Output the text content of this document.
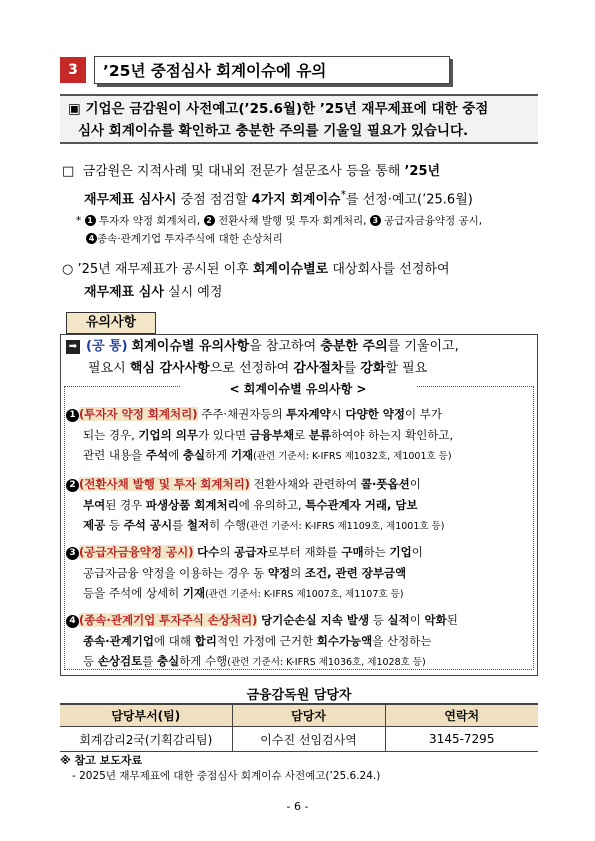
3	’25년 중점심사 회계이슈에 유의
▣ 기업은 금감원이 사전예고(’25.6월)한 ’25년 재무제표에 대한 중점
심사 회계이슈를 확인하고 충분한 주의를 기울일 필요가 있습니다.
□ 금감원은 지적사례 및 대내외 전문가 설문조사 등을 통해 ’25년
재무제표 심사시 중점 점검할 4가지 회계이슈*를 선정·예고(’25.6월)
* 1 투자자 약정 회계처리, 2 전환사채 발행 및 투자 회계처리, 3 공급자금융약정 공시,
4 종속·관계기업 투자주식에 대한 손상처리
○ ’25년 재무제표가 공시된 이후 회계이슈별로 대상회사를 선정하여
재무제표 심사 실시 예정
유의사항
➡ (공 통) 회계이슈별 유의사항을 참고하여 충분한 주의를 기울이고,
필요시 핵심 감사사항으로 선정하여 감사절차를 강화할 필요
< 회계이슈별 유의사항 >
1 (투자자 약정 회계처리) 주주·채권자등의 투자계약시 다양한 약정이 부가
되는 경우, 기업의 의무가 있다면 금융부채로 분류하여야 하는지 확인하고,
관련 내용을 주석에 충실하게 기재(관련 기준서: K-IFRS 제1032호, 제1001호 등)
2 (전환사채 발행 및 투자 회계처리) 전환사채와 관련하여 콜·풋옵션이
부여된 경우 파생상품 회계처리에 유의하고, 특수관계자 거래, 담보
제공 등 주석 공시를 철저히 수행(관련 기준서: K-IFRS 제1109호, 제1001호 등)
3 (공급자금융약정 공시) 다수의 공급자로부터 재화를 구매하는 기업이
공급자금융 약정을 이용하는 경우 동 약정의 조건, 관련 장부금액
등을 주석에 상세히 기재(관련 기준서: K-IFRS 제1007호, 제1107호 등)
4 (종속·관계기업 투자주식 손상처리) 당기순손실 지속 발생 등 실적이 악화된
종속·관계기업에 대해 합리적인 가정에 근거한 회수가능액을 산정하는
등 손상검토를 충실하게 수행(관련 기준서: K-IFRS 제1036호, 제1028호 등)
금융감독원 담당자
담당부서(팀)	담당자	연락처
회계감리2국(기획감리팀)	이수진 선임검사역	3145-7295
※ 참고 보도자료
- 2025년 재무제표에 대한 중점심사 회계이슈 사전예고(’25.6.24.)
- 6 -
